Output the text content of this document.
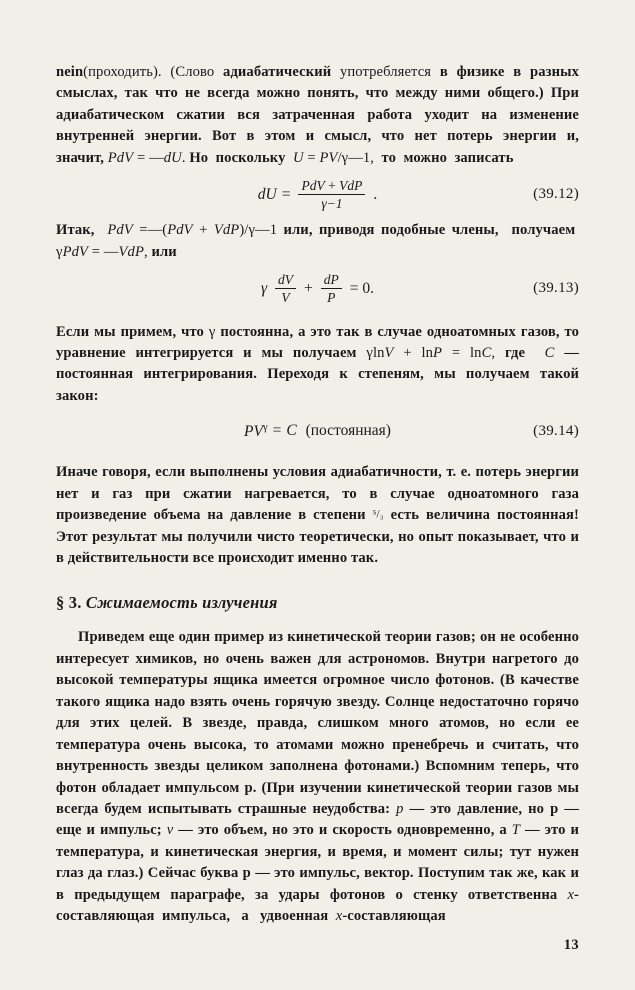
nein(проходить). (Слово адиабатический употребляется в физике в разных смыслах, так что не всегда можно понять, что между ними общего.) При адиабатическом сжатии вся затраченная работа уходит на изменение внутренней энергии. Вот в этом и смысл, что нет потерь энергии и, значит, PdV = —dU. Но  поскольку  U = PV/γ—1,  то  можно  записать

dU = $\frac{\text{PdV + VdP}}{\gamma-1}$ .	(39.12)

Итак, PdV =—(PdV + VdP)/γ—1 или, приводя подобные члены,  получаем  γPdV = —VdP, или

γ $\frac{dV}{V} + \frac{dP}{P} = 0$.	(39.13)

Если мы примем, что γ постоянна, а это так в случае одноатомных газов, то уравнение интегрируется и мы получаем γlnV + lnP = lnC, где C — постоянная интегрирования. Переходя к степеням, мы получаем такой закон:

$PV^\gamma = C$ (постоянная)	(39.14)

Иначе говоря, если выполнены условия адиабатичности, т. е. потерь энергии нет и газ при сжатии нагревается, то в случае одноатомного газа произведение объема на давление в степени ⁵/₃ есть величина постоянная! Этот результат мы получили чисто теоретически, но опыт показывает, что и в действительности все происходит именно так.

§ 3. Сжимаемость излучения

Приведем еще один пример из кинетической теории газов; он не особенно интересует химиков, но очень важен для астрономов. Внутри нагретого до высокой температуры ящика имеется огромное число фотонов. (В качестве такого ящика надо взять очень горячую звезду. Солнце недостаточно горячо для этих целей. В звезде, правда, слишком много атомов, но если ее температура очень высока, то атомами можно пренебречь и считать, что внутренность звезды целиком заполнена фотонами.) Вспомним теперь, что фотон обладает импульсом p. (При изучении кинетической теории газов мы всегда будем испытывать страшные неудобства: p — это давление, но p — еще и импульс; v — это объем, но это и скорость одновременно, а T — это и температура, и кинетическая энергия, и время, и момент силы; тут нужен глаз да глаз.) Сейчас буква p — это импульс, вектор. Поступим так же, как и в предыдущем параграфе, за удары фотонов о стенку ответственна x-составляющая  импульса,   а   удвоенная  x-составляющая

13
